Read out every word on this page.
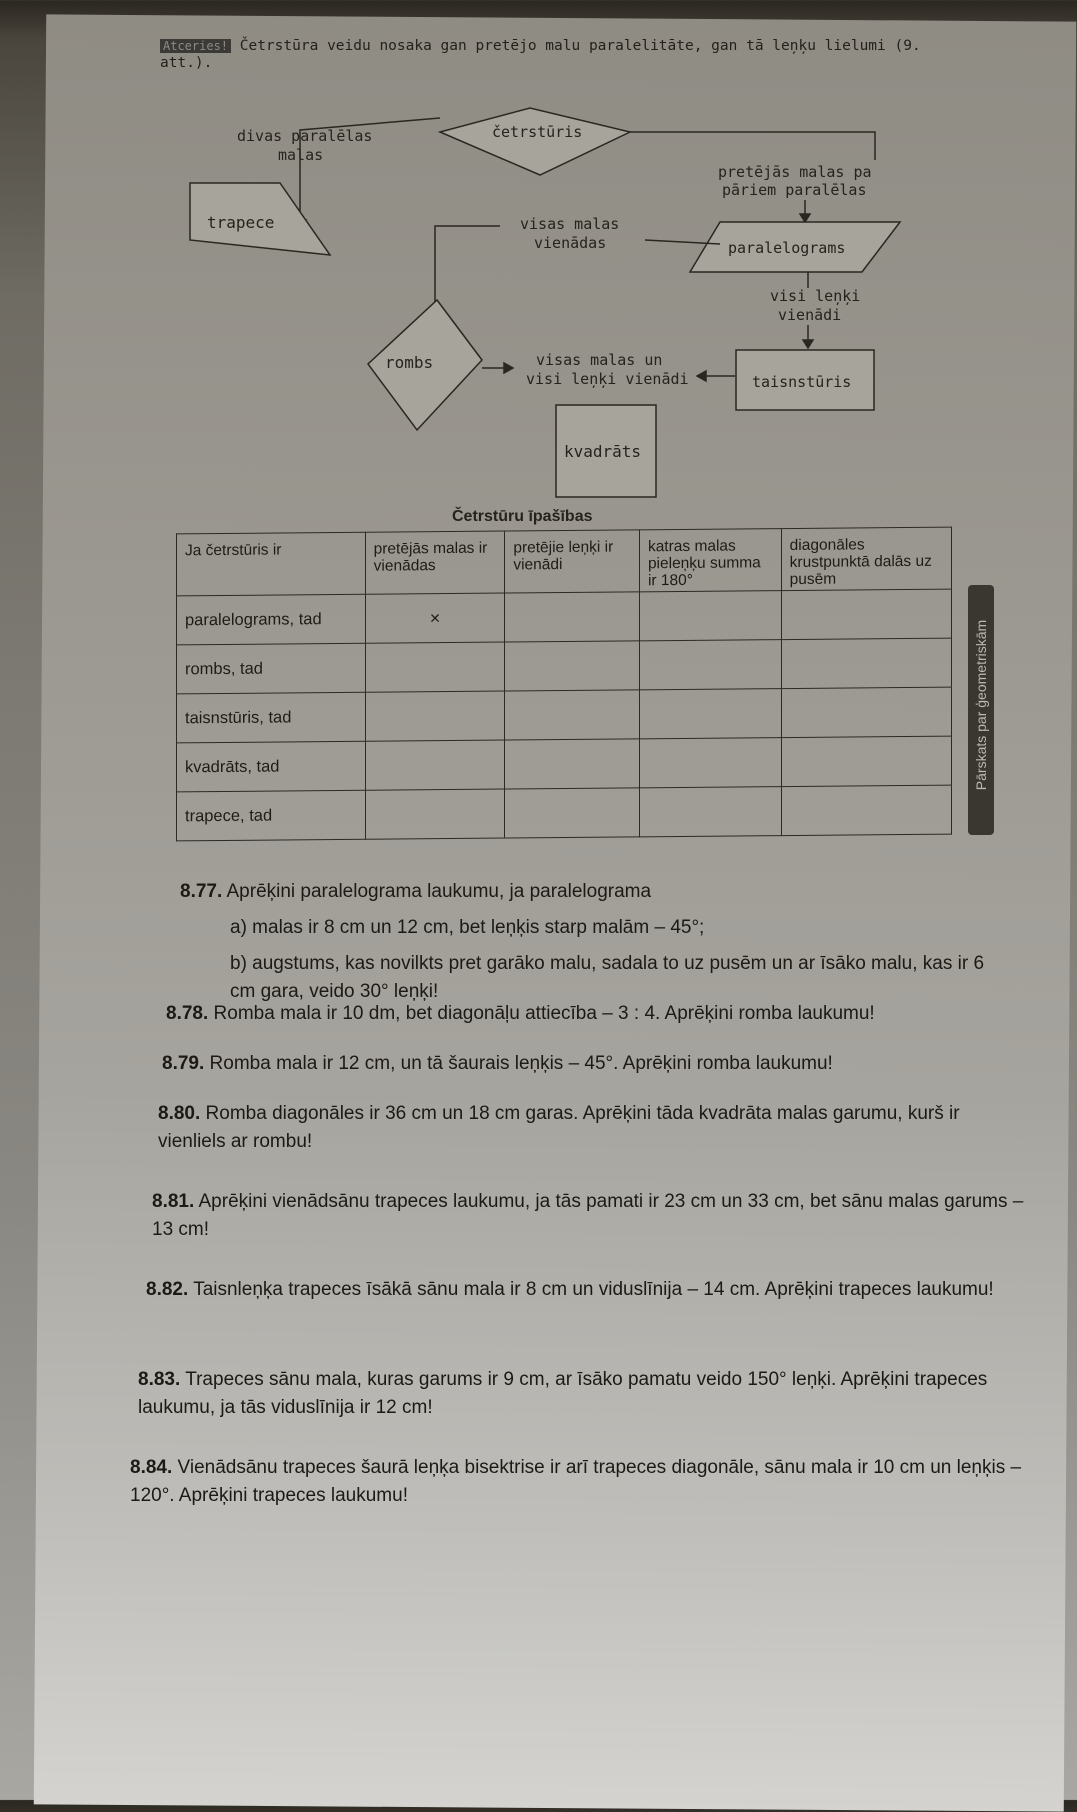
Atceries! Četrstūra veidu nosaka gan pretējo malu paralelitāte, gan tā leņķu lielumi (9. att.).
četrstūris
divas paralēlas
malas
pretējās malas pa
pāriem paralēlas
trapece	visas malas
vienādas	paralelograms
visi leņķi
vienādi
rombs	visas malas un
visi leņķi vienādi	taisnstūris
kvadrāts
Četrstūru īpašības
Ja četrstūris ir	pretējās malas ir vienādas	pretējie leņķi ir vienādi	katras malas pieleņķu summa ir 180°	diagonāles krustpunktā dalās uz pusēm
paralelograms, tad	×			
rombs, tad				
taisnstūris, tad				
kvadrāts, tad				
trapece, tad				
Pārskats par ģeometriskām
8.77. Aprēķini paralelograma laukumu, ja paralelograma
a) malas ir 8 cm un 12 cm, bet leņķis starp malām – 45°;
b) augstums, kas novilkts pret garāko malu, sadala to uz pusēm un ar īsāko malu, kas ir 6 cm gara, veido 30° leņķi!
8.78. Romba mala ir 10 dm, bet diagonāļu attiecība – 3 : 4. Aprēķini romba laukumu!
8.79. Romba mala ir 12 cm, un tā šaurais leņķis – 45°. Aprēķini romba laukumu!
8.80. Romba diagonāles ir 36 cm un 18 cm garas. Aprēķini tāda kvadrāta malas garumu, kurš ir vienliels ar rombu!
8.81. Aprēķini vienādsānu trapeces laukumu, ja tās pamati ir 23 cm un 33 cm, bet sānu malas garums – 13 cm!
8.82. Taisnleņķa trapeces īsākā sānu mala ir 8 cm un viduslīnija – 14 cm. Aprēķini trapeces laukumu!
8.83. Trapeces sānu mala, kuras garums ir 9 cm, ar īsāko pamatu veido 150° leņķi. Aprēķini trapeces laukumu, ja tās viduslīnija ir 12 cm!
8.84. Vienādsānu trapeces šaurā leņķa bisektrise ir arī trapeces diagonāle, sānu mala ir 10 cm un leņķis – 120°. Aprēķini trapeces laukumu!
